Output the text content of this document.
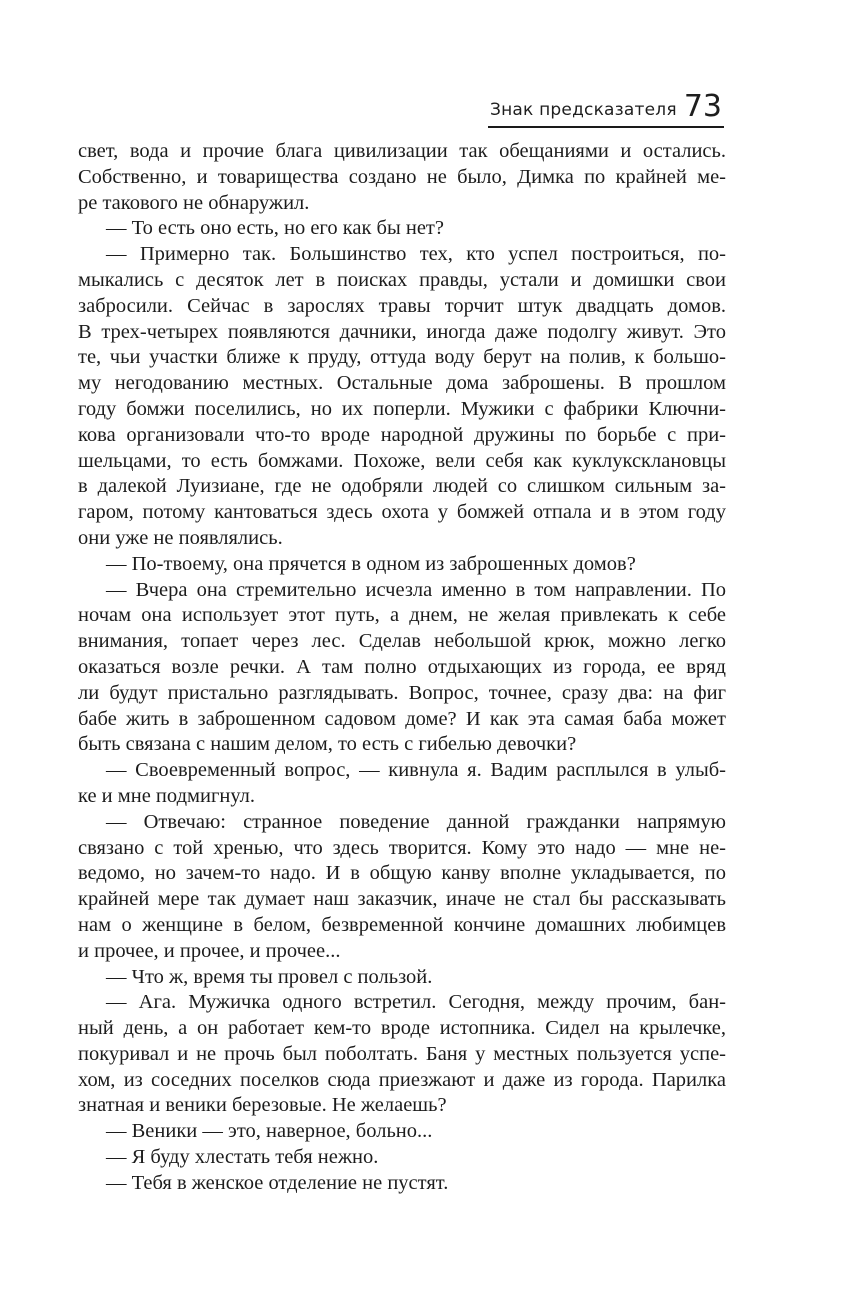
Знак предсказателя 73
свет, вода и прочие блага цивилизации так обещаниями и остались.
Собственно, и товарищества создано не было, Димка по крайней ме-
ре такового не обнаружил.
— То есть оно есть, но его как бы нет?
— Примерно так. Большинство тех, кто успел построиться, по-
мыкались с десяток лет в поисках правды, устали и домишки свои
забросили. Сейчас в зарослях травы торчит штук двадцать домов.
В трех-четырех появляются дачники, иногда даже подолгу живут. Это
те, чьи участки ближе к пруду, оттуда воду берут на полив, к большо-
му негодованию местных. Остальные дома заброшены. В прошлом
году бомжи поселились, но их поперли. Мужики с фабрики Ключни-
кова организовали что-то вроде народной дружины по борьбе с при-
шельцами, то есть бомжами. Похоже, вели себя как куклуксклановцы
в далекой Луизиане, где не одобряли людей со слишком сильным за-
гаром, потому кантоваться здесь охота у бомжей отпала и в этом году
они уже не появлялись.
— По-твоему, она прячется в одном из заброшенных домов?
— Вчера она стремительно исчезла именно в том направлении. По
ночам она использует этот путь, а днем, не желая привлекать к себе
внимания, топает через лес. Сделав небольшой крюк, можно легко
оказаться возле речки. А там полно отдыхающих из города, ее вряд
ли будут пристально разглядывать. Вопрос, точнее, сразу два: на фиг
бабе жить в заброшенном садовом доме? И как эта самая баба может
быть связана с нашим делом, то есть с гибелью девочки?
— Своевременный вопрос, — кивнула я. Вадим расплылся в улыб-
ке и мне подмигнул.
— Отвечаю: странное поведение данной гражданки напрямую
связано с той хренью, что здесь творится. Кому это надо — мне не-
ведомо, но зачем-то надо. И в общую канву вполне укладывается, по
крайней мере так думает наш заказчик, иначе не стал бы рассказывать
нам о женщине в белом, безвременной кончине домашних любимцев
и прочее, и прочее, и прочее...
— Что ж, время ты провел с пользой.
— Ага. Мужичка одного встретил. Сегодня, между прочим, бан-
ный день, а он работает кем-то вроде истопника. Сидел на крылечке,
покуривал и не прочь был поболтать. Баня у местных пользуется успе-
хом, из соседних поселков сюда приезжают и даже из города. Парилка
знатная и веники березовые. Не желаешь?
— Веники — это, наверное, больно...
— Я буду хлестать тебя нежно.
— Тебя в женское отделение не пустят.
